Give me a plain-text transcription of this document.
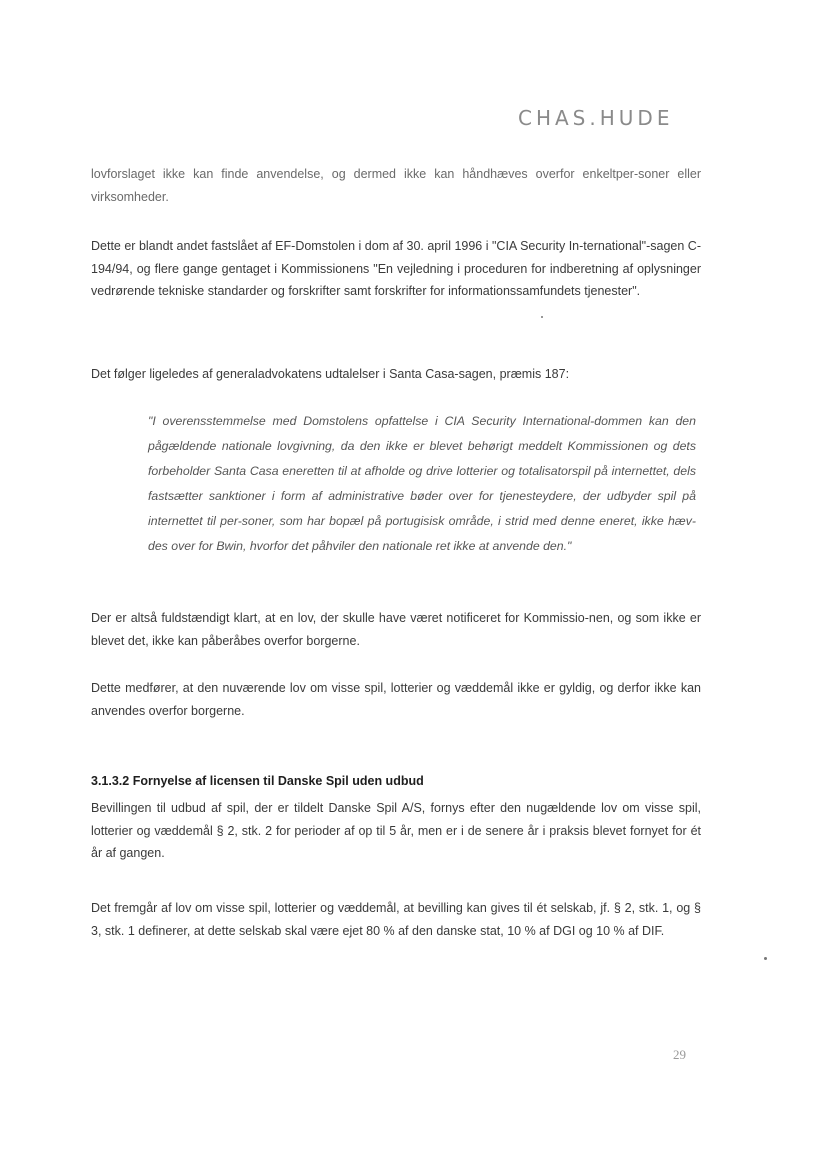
CHAS.HUDE
lovforslaget ikke kan finde anvendelse, og dermed ikke kan håndhæves overfor enkeltper-soner eller virksomheder.
Dette er blandt andet fastslået af EF-Domstolen i dom af 30. april 1996 i "CIA Security In-ternational"-sagen C-194/94, og flere gange gentaget i Kommissionens "En vejledning i proceduren for indberetning af oplysninger vedrørende tekniske standarder og forskrifter samt forskrifter for informationssamfundets tjenester".
Det følger ligeledes af generaladvokatens udtalelser i Santa Casa-sagen, præmis 187:
"I overensstemmelse med Domstolens opfattelse i CIA Security International-dommen kan den pågældende nationale lovgivning, da den ikke er blevet behørigt meddelt Kommissionen og dets forbeholder Santa Casa eneretten til at afholde og drive lotterier og totalisatorspil på internettet, dels fastsætter sanktioner i form af administrative bøder over for tjenesteydere, der udbyder spil på internettet til per-soner, som har bopæl på portugisisk område, i strid med denne eneret, ikke hæv-des over for Bwin, hvorfor det påhviler den nationale ret ikke at anvende den."
Der er altså fuldstændigt klart, at en lov, der skulle have været notificeret for Kommissio-nen, og som ikke er blevet det, ikke kan påberåbes overfor borgerne.
Dette medfører, at den nuværende lov om visse spil, lotterier og væddemål ikke er gyldig, og derfor ikke kan anvendes overfor borgerne.
3.1.3.2 Fornyelse af licensen til Danske Spil uden udbud
Bevillingen til udbud af spil, der er tildelt Danske Spil A/S, fornys efter den nugældende lov om visse spil, lotterier og væddemål § 2, stk. 2 for perioder af op til 5 år, men er i de senere år i praksis blevet fornyet for ét år af gangen.
Det fremgår af lov om visse spil, lotterier og væddemål, at bevilling kan gives til ét selskab, jf. § 2, stk. 1, og § 3, stk. 1 definerer, at dette selskab skal være ejet 80 % af den danske stat, 10 % af DGI og 10 % af DIF.
29
